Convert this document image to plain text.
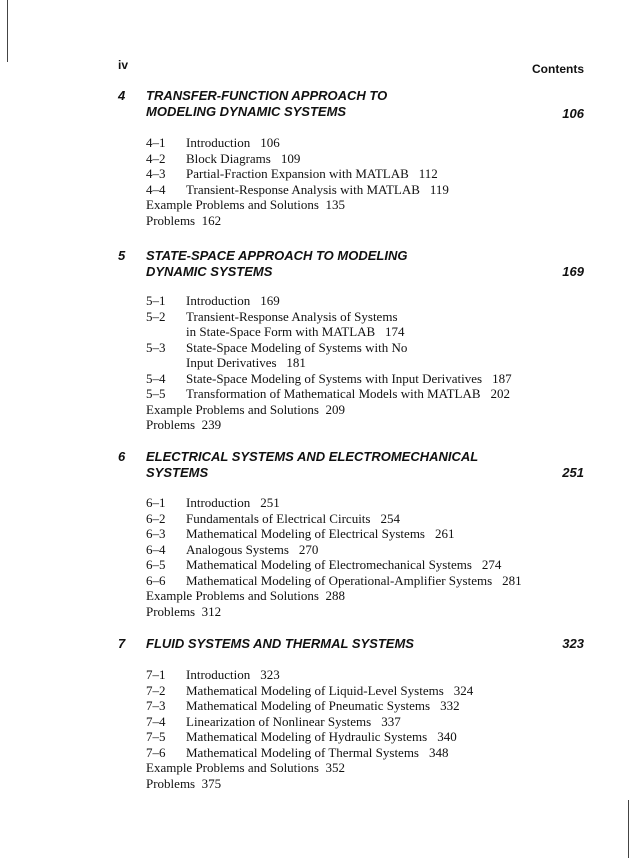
iv	Contents
4 TRANSFER-FUNCTION APPROACH TO
MODELING DYNAMIC SYSTEMS	106
4–1	Introduction 106
4–2	Block Diagrams 109
4–3	Partial-Fraction Expansion with MATLAB 112
4–4	Transient-Response Analysis with MATLAB 119
Example Problems and Solutions 135
Problems 162
5 STATE-SPACE APPROACH TO MODELING
DYNAMIC SYSTEMS	169
5–1	Introduction 169
5–2	Transient-Response Analysis of Systems
in State-Space Form with MATLAB 174
5–3	State-Space Modeling of Systems with No
Input Derivatives 181
5–4	State-Space Modeling of Systems with Input Derivatives 187
5–5	Transformation of Mathematical Models with MATLAB 202
Example Problems and Solutions 209
Problems 239
6 ELECTRICAL SYSTEMS AND ELECTROMECHANICAL
SYSTEMS	251
6–1	Introduction 251
6–2	Fundamentals of Electrical Circuits 254
6–3	Mathematical Modeling of Electrical Systems 261
6–4	Analogous Systems 270
6–5	Mathematical Modeling of Electromechanical Systems 274
6–6	Mathematical Modeling of Operational-Amplifier Systems 281
Example Problems and Solutions 288
Problems 312
7 FLUID SYSTEMS AND THERMAL SYSTEMS	323
7–1	Introduction 323
7–2	Mathematical Modeling of Liquid-Level Systems 324
7–3	Mathematical Modeling of Pneumatic Systems 332
7–4	Linearization of Nonlinear Systems 337
7–5	Mathematical Modeling of Hydraulic Systems 340
7–6	Mathematical Modeling of Thermal Systems 348
Example Problems and Solutions 352
Problems 375
